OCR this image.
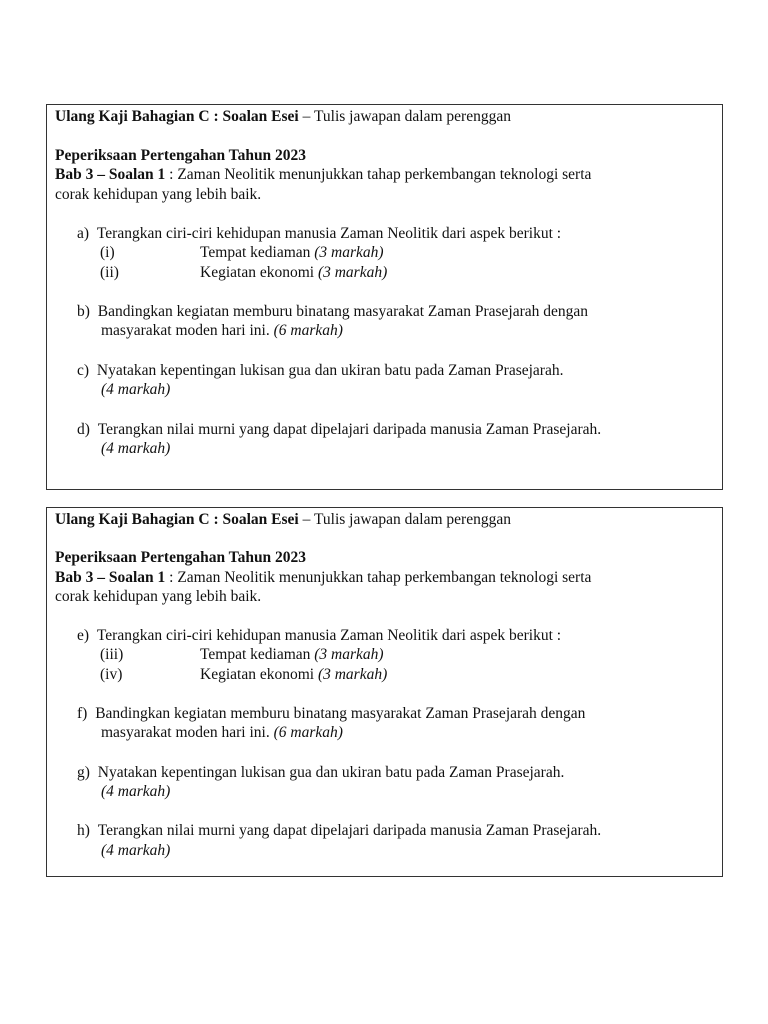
Ulang Kaji Bahagian C : Soalan Esei – Tulis jawapan dalam perenggan
Peperiksaan Pertengahan Tahun 2023
Bab 3 – Soalan 1 : Zaman Neolitik menunjukkan tahap perkembangan teknologi serta
corak kehidupan yang lebih baik.
a) Terangkan ciri-ciri kehidupan manusia Zaman Neolitik dari aspek berikut :
(i)	Tempat kediaman (3 markah)
(ii)	Kegiatan ekonomi (3 markah)
b) Bandingkan kegiatan memburu binatang masyarakat Zaman Prasejarah dengan
masyarakat moden hari ini. (6 markah)
c) Nyatakan kepentingan lukisan gua dan ukiran batu pada Zaman Prasejarah.
(4 markah)
d) Terangkan nilai murni yang dapat dipelajari daripada manusia Zaman Prasejarah.
(4 markah)
Ulang Kaji Bahagian C : Soalan Esei – Tulis jawapan dalam perenggan
Peperiksaan Pertengahan Tahun 2023
Bab 3 – Soalan 1 : Zaman Neolitik menunjukkan tahap perkembangan teknologi serta
corak kehidupan yang lebih baik.
e) Terangkan ciri-ciri kehidupan manusia Zaman Neolitik dari aspek berikut :
(iii)	Tempat kediaman (3 markah)
(iv)	Kegiatan ekonomi (3 markah)
f) Bandingkan kegiatan memburu binatang masyarakat Zaman Prasejarah dengan
masyarakat moden hari ini. (6 markah)
g) Nyatakan kepentingan lukisan gua dan ukiran batu pada Zaman Prasejarah.
(4 markah)
h) Terangkan nilai murni yang dapat dipelajari daripada manusia Zaman Prasejarah.
(4 markah)
